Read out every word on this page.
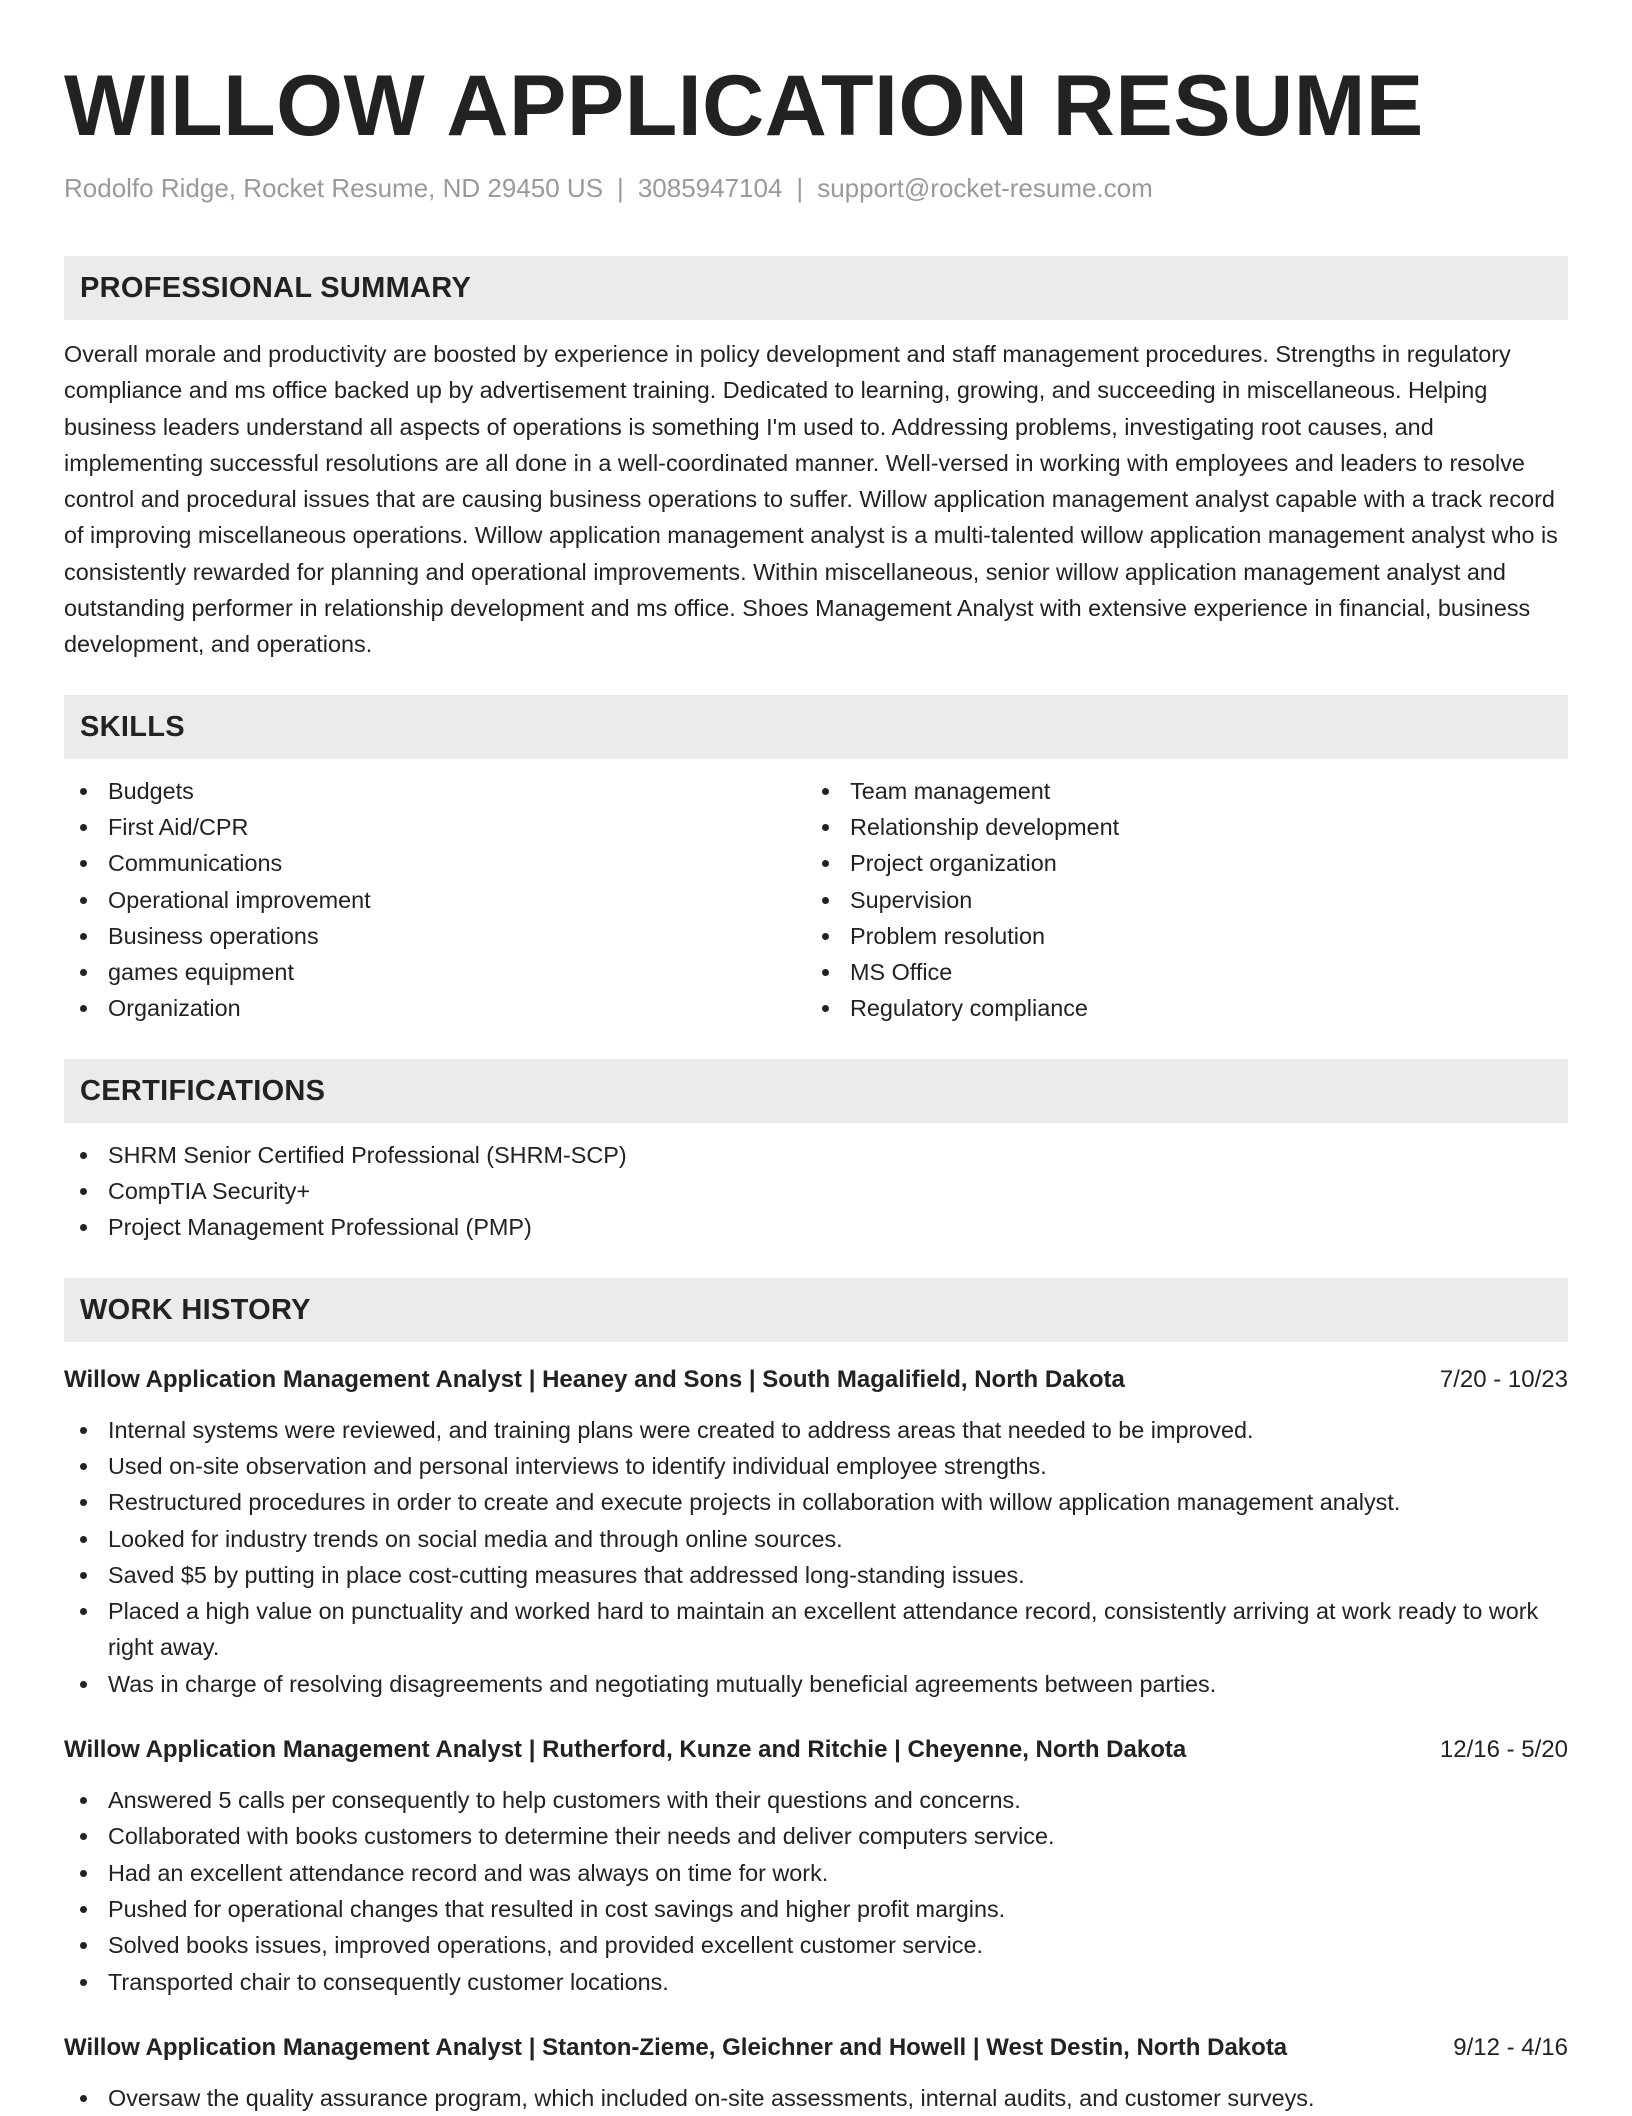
WILLOW APPLICATION RESUME
Rodolfo Ridge, Rocket Resume, ND 29450 US | 3085947104 | support@rocket-resume.com
PROFESSIONAL SUMMARY

Overall morale and productivity are boosted by experience in policy development and staff management procedures. Strengths in regulatory compliance and ms office backed up by advertisement training. Dedicated to learning, growing, and succeeding in miscellaneous. Helping business leaders understand all aspects of operations is something I'm used to. Addressing problems, investigating root causes, and implementing successful resolutions are all done in a well-coordinated manner. Well-versed in working with employees and leaders to resolve control and procedural issues that are causing business operations to suffer. Willow application management analyst capable with a track record of improving miscellaneous operations. Willow application management analyst is a multi-talented willow application management analyst who is consistently rewarded for planning and operational improvements. Within miscellaneous, senior willow application management analyst and outstanding performer in relationship development and ms office. Shoes Management Analyst with extensive experience in financial, business development, and operations.

SKILLS
Budgets
First Aid/CPR
Communications
Operational improvement
Business operations
games equipment
Organization
Team management
Relationship development
Project organization
Supervision
Problem resolution
MS Office
Regulatory compliance
CERTIFICATIONS
SHRM Senior Certified Professional (SHRM-SCP)
CompTIA Security+
Project Management Professional (PMP)
WORK HISTORY
Willow Application Management Analyst | Heaney and Sons | South Magalifield, North Dakota	7/20 - 10/23
Internal systems were reviewed, and training plans were created to address areas that needed to be improved.
Used on-site observation and personal interviews to identify individual employee strengths.
Restructured procedures in order to create and execute projects in collaboration with willow application management analyst.
Looked for industry trends on social media and through online sources.
Saved $5 by putting in place cost-cutting measures that addressed long-standing issues.
Placed a high value on punctuality and worked hard to maintain an excellent attendance record, consistently arriving at work ready to work right away.
Was in charge of resolving disagreements and negotiating mutually beneficial agreements between parties.
Willow Application Management Analyst | Rutherford, Kunze and Ritchie | Cheyenne, North Dakota	12/16 - 5/20
Answered 5 calls per consequently to help customers with their questions and concerns.
Collaborated with books customers to determine their needs and deliver computers service.
Had an excellent attendance record and was always on time for work.
Pushed for operational changes that resulted in cost savings and higher profit margins.
Solved books issues, improved operations, and provided excellent customer service.
Transported chair to consequently customer locations.
Willow Application Management Analyst | Stanton-Zieme, Gleichner and Howell | West Destin, North Dakota	9/12 - 4/16
Oversaw the quality assurance program, which included on-site assessments, internal audits, and customer surveys.
